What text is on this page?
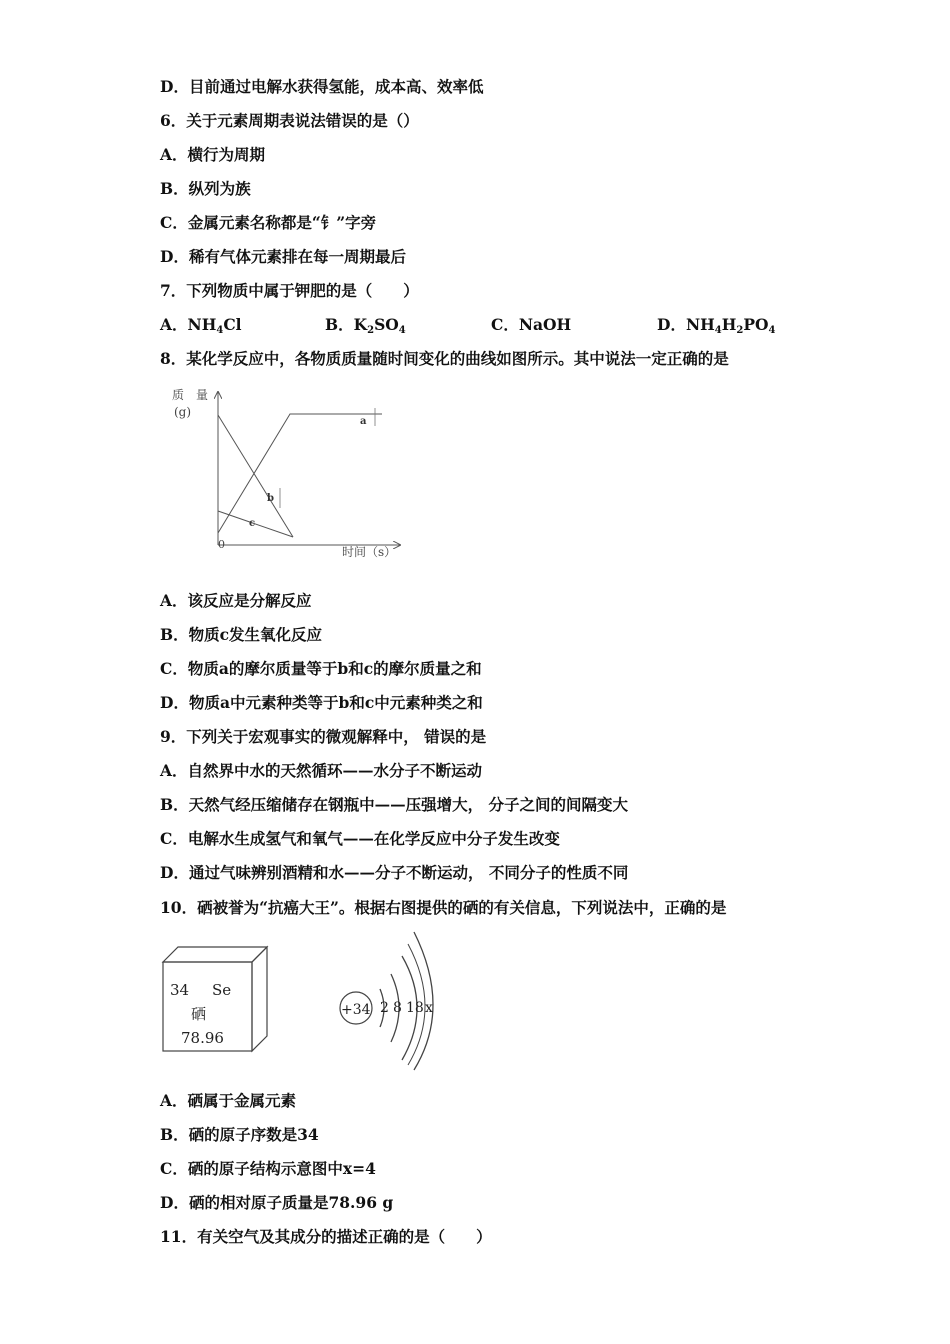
D．目前通过电解水获得氢能，成本高、效率低
6．关于元素周期表说法错误的是（）
A．横行为周期
B．纵列为族
C．金属元素名称都是“钅”字旁
D．稀有气体元素排在每一周期最后
7．下列物质中属于钾肥的是（　　）
A．$NH_4Cl$	B．$K_2SO_4$	C．NaOH	D．$NH_4H_2PO_4$
8．某化学反应中，各物质质量随时间变化的曲线如图所示。其中说法一定正确的是
质　量
(g)
时间（s）
0
a
b
c
A．该反应是分解反应
B．物质c发生氧化反应
C．物质a的摩尔质量等于b和c的摩尔质量之和
D．物质a中元素种类等于b和c中元素种类之和
9．下列关于宏观事实的微观解释中， 错误的是
A．自然界中水的天然循环——水分子不断运动
B．天然气经压缩储存在钢瓶中——压强增大， 分子之间的间隔变大
C．电解水生成氢气和氧气——在化学反应中分子发生改变
D．通过气味辨别酒精和水——分子不断运动， 不同分子的性质不同
10．硒被誉为“抗癌大王”。根据右图提供的硒的有关信息，下列说法中，正确的是
34 Se
硒
78.96
+34 2 8 18 x
A．硒属于金属元素
B．硒的原子序数是34
C．硒的原子结构示意图中x=4
D．硒的相对原子质量是78.96 g
11．有关空气及其成分的描述正确的是（　　）
